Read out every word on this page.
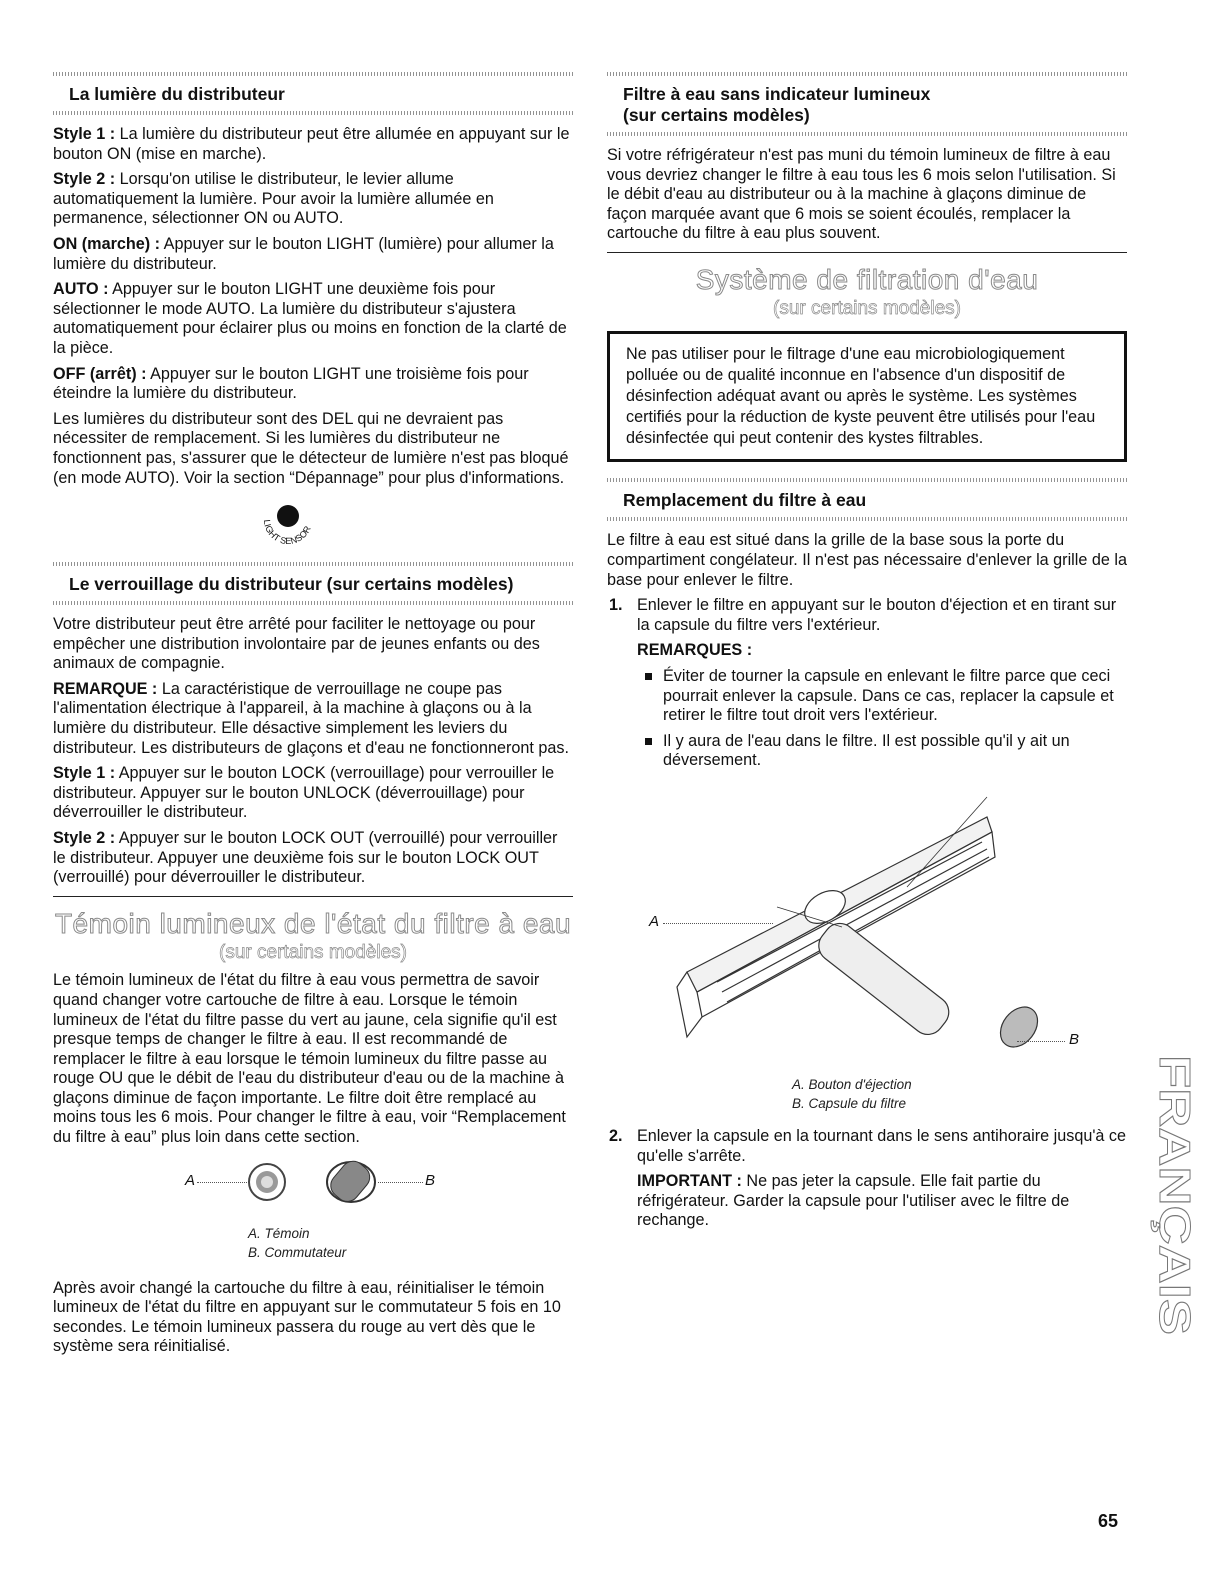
La lumière du distributeur

Style 1 : La lumière du distributeur peut être allumée en appuyant sur le bouton ON (mise en marche).

Style 2 : Lorsqu'on utilise le distributeur, le levier allume automatiquement la lumière. Pour avoir la lumière allumée en permanence, sélectionner ON ou AUTO.

ON (marche) : Appuyer sur le bouton LIGHT (lumière) pour allumer la lumière du distributeur.

AUTO : Appuyer sur le bouton LIGHT une deuxième fois pour sélectionner le mode AUTO. La lumière du distributeur s'ajustera automatiquement pour éclairer plus ou moins en fonction de la clarté de la pièce.

OFF (arrêt) : Appuyer sur le bouton LIGHT une troisième fois pour éteindre la lumière du distributeur.

Les lumières du distributeur sont des DEL qui ne devraient pas nécessiter de remplacement. Si les lumières du distributeur ne fonctionnent pas, s'assurer que le détecteur de lumière n'est pas bloqué (en mode AUTO). Voir la section “Dépannage” pour plus d'informations.

LIGHT SENSOR
Le verrouillage du distributeur (sur certains modèles)

Votre distributeur peut être arrêté pour faciliter le nettoyage ou pour empêcher une distribution involontaire par de jeunes enfants ou des animaux de compagnie.

REMARQUE : La caractéristique de verrouillage ne coupe pas l'alimentation électrique à l'appareil, à la machine à glaçons ou à la lumière du distributeur. Elle désactive simplement les leviers du distributeur. Les distributeurs de glaçons et d'eau ne fonctionneront pas.

Style 1 : Appuyer sur le bouton LOCK (verrouillage) pour verrouiller le distributeur. Appuyer sur le bouton UNLOCK (déverrouillage) pour déverrouiller le distributeur.

Style 2 : Appuyer sur le bouton LOCK OUT (verrouillé) pour verrouiller le distributeur. Appuyer une deuxième fois sur le bouton LOCK OUT (verrouillé) pour déverrouiller le distributeur.

Témoin lumineux de l'état du filtre à eau
(sur certains modèles)

Le témoin lumineux de l'état du filtre à eau vous permettra de savoir quand changer votre cartouche de filtre à eau. Lorsque le témoin lumineux de l'état du filtre passe du vert au jaune, cela signifie qu'il est presque temps de changer le filtre à eau. Il est recommandé de remplacer le filtre à eau lorsque le témoin lumineux du filtre passe au rouge OU que le débit de l'eau du distributeur d'eau ou de la machine à glaçons diminue de façon importante. Le filtre doit être remplacé au moins tous les 6 mois. Pour changer le filtre à eau, voir “Remplacement du filtre à eau” plus loin dans cette section.

A	B
A. Témoin
B. Commutateur

Après avoir changé la cartouche du filtre à eau, réinitialiser le témoin lumineux de l'état du filtre en appuyant sur le commutateur 5 fois en 10 secondes. Le témoin lumineux passera du rouge au vert dès que le système sera réinitialisé.

Filtre à eau sans indicateur lumineux
(sur certains modèles)

Si votre réfrigérateur n'est pas muni du témoin lumineux de filtre à eau vous devriez changer le filtre à eau tous les 6 mois selon l'utilisation. Si le débit d'eau au distributeur ou à la machine à glaçons diminue de façon marquée avant que 6 mois se soient écoulés, remplacer la cartouche du filtre à eau plus souvent.

Système de filtration d'eau
(sur certains modèles)

Ne pas utiliser pour le filtrage d'une eau microbiologiquement polluée ou de qualité inconnue en l'absence d'un dispositif de désinfection adéquat avant ou après le système. Les systèmes certifiés pour la réduction de kyste peuvent être utilisés pour l'eau désinfectée qui peut contenir des kystes filtrables.

Remplacement du filtre à eau

Le filtre à eau est situé dans la grille de la base sous la porte du compartiment congélateur. Il n'est pas nécessaire d'enlever la grille de la base pour enlever le filtre.

1. Enlever le filtre en appuyant sur le bouton d'éjection et en tirant sur la capsule du filtre vers l'extérieur.

REMARQUES :

Éviter de tourner la capsule en enlevant le filtre parce que ceci pourrait enlever la capsule. Dans ce cas, replacer la capsule et retirer le filtre tout droit vers l'extérieur.

Il y aura de l'eau dans le filtre. Il est possible qu'il y ait un déversement.

A
B
A. Bouton d'éjection
B. Capsule du filtre

2. Enlever la capsule en la tournant dans le sens antihoraire jusqu'à ce qu'elle s'arrête.

IMPORTANT : Ne pas jeter la capsule. Elle fait partie du réfrigérateur. Garder la capsule pour l'utiliser avec le filtre de rechange.	FRANÇAIS
65
